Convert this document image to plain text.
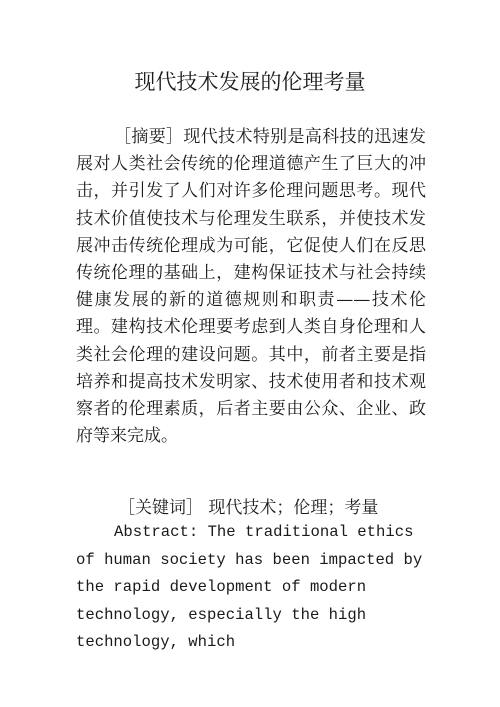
现代技术发展的伦理考量

［摘要］现代技术特别是高科技的迅速发展对人类社会传统的伦理道德产生了巨大的冲击，并引发了人们对许多伦理问题思考。现代技术价值使技术与伦理发生联系，并使技术发展冲击传统伦理成为可能，它促使人们在反思传统伦理的基础上，建构保证技术与社会持续健康发展的新的道德规则和职责——技术伦理。建构技术伦理要考虑到人类自身伦理和人类社会伦理的建设问题。其中，前者主要是指培养和提高技术发明家、技术使用者和技术观察者的伦理素质，后者主要由公众、企业、政府等来完成。

［关键词］ 现代技术；伦理；考量

Abstract: The traditional ethics of human society has been impacted by the rapid development of modern technology, especially the high technology, which
